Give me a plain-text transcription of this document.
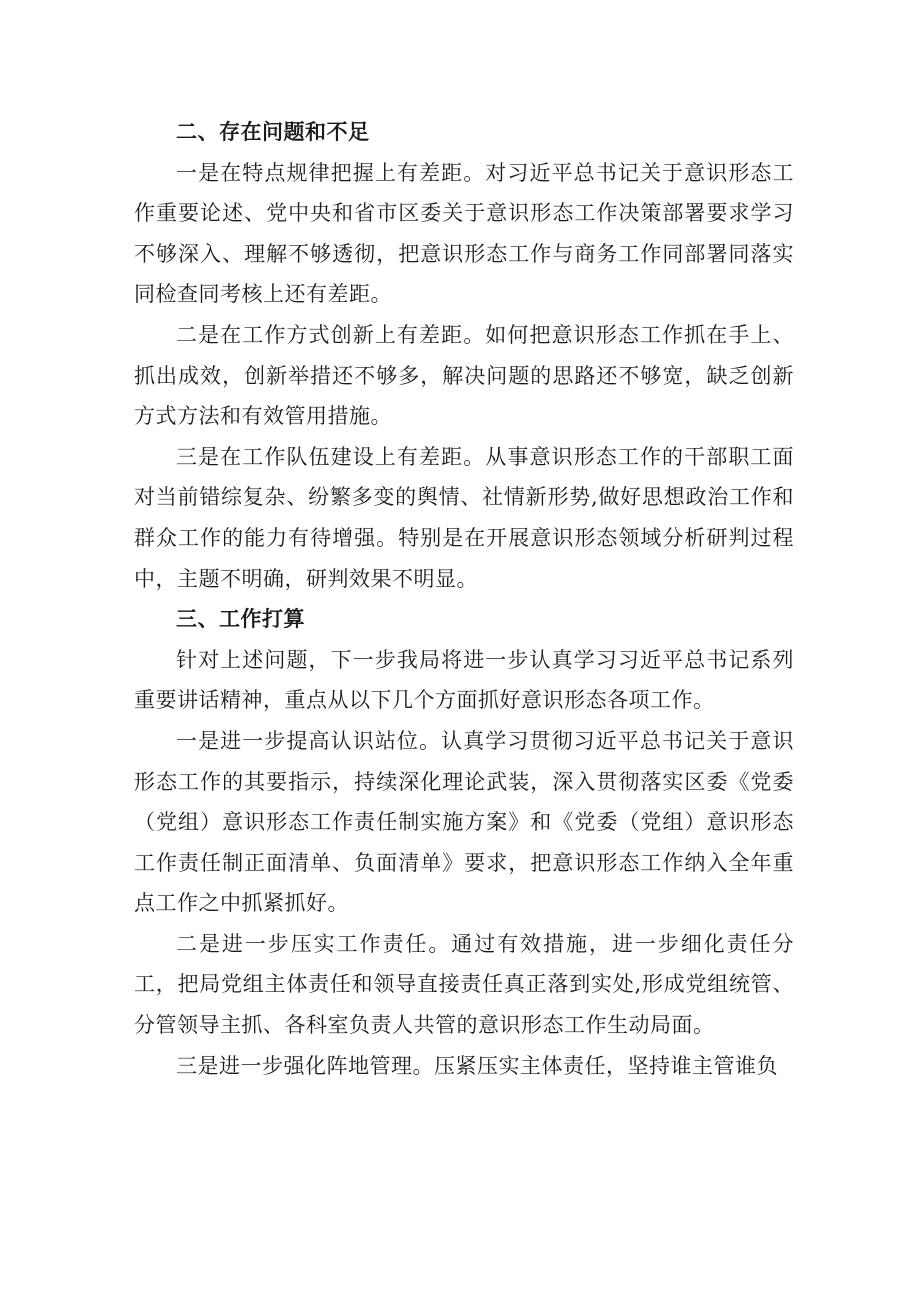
二、存在问题和不足

一是在特点规律把握上有差距。对习近平总书记关于意识形态工作重要论述、党中央和省市区委关于意识形态工作决策部署要求学习不够深入、理解不够透彻，把意识形态工作与商务工作同部署同落实同检查同考核上还有差距。

二是在工作方式创新上有差距。如何把意识形态工作抓在手上、抓出成效，创新举措还不够多，解决问题的思路还不够宽，缺乏创新方式方法和有效管用措施。

三是在工作队伍建设上有差距。从事意识形态工作的干部职工面对当前错综复杂、纷繁多变的舆情、社情新形势,做好思想政治工作和群众工作的能力有待增强。特别是在开展意识形态领域分析研判过程中，主题不明确，研判效果不明显。

三、工作打算

针对上述问题，下一步我局将进一步认真学习习近平总书记系列重要讲话精神，重点从以下几个方面抓好意识形态各项工作。

一是进一步提高认识站位。认真学习贯彻习近平总书记关于意识形态工作的其要指示，持续深化理论武装，深入贯彻落实区委《党委（党组）意识形态工作责任制实施方案》和《党委（党组）意识形态工作责任制正面清单、负面清单》要求，把意识形态工作纳入全年重点工作之中抓紧抓好。

二是进一步压实工作责任。通过有效措施，进一步细化责任分工，把局党组主体责任和领导直接责任真正落到实处,形成党组统管、分管领导主抓、各科室负责人共管的意识形态工作生动局面。

三是进一步强化阵地管理。压紧压实主体责任，坚持谁主管谁负
